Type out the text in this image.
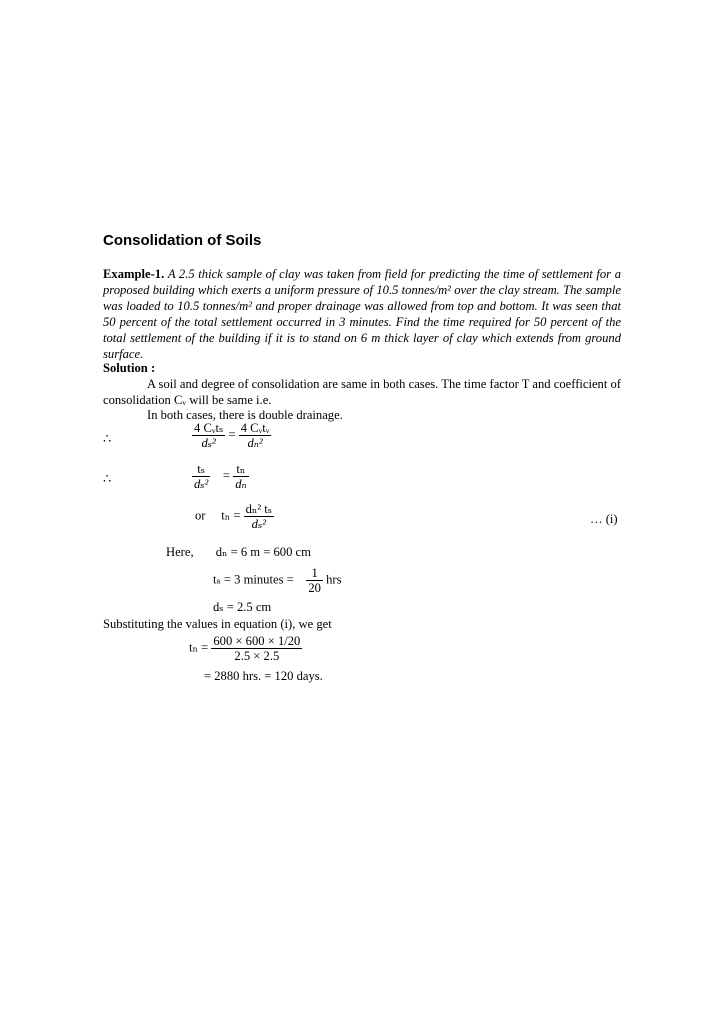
Consolidation of Soils
Example-1. A 2.5 thick sample of clay was taken from field for predicting the time of settlement for a proposed building which exerts a uniform pressure of 10.5 tonnes/m² over the clay stream. The sample was loaded to 10.5 tonnes/m² and proper drainage was allowed from top and bottom. It was seen that 50 percent of the total settlement occurred in 3 minutes. Find the time required for 50 percent of the total settlement of the building if it is to stand on 6 m thick layer of clay which extends from ground surface.
Solution :
A soil and degree of consolidation are same in both cases. The time factor T and coefficient of consolidation Cᵥ will be same i.e.
In both cases, there is double drainage.
∴	$\frac{\text{4 Cᵥtₛ}}{\text{dₛ²}} = \frac{\text{4 Cᵥtᵥ}}{\text{dₙ²}}$
∴	$\frac{\text{tₛ}}{\text{dₛ²}} = \frac{\text{tₙ}}{\text{dₙ}}$
or $t_n = \frac{\text{dₙ² tₛ}}{\text{dₛ²}}$	… (i)
Here, dₙ = 6 m = 600 cm
tₛ = 3 minutes = $\frac{1}{20}$ hrs
dₛ = 2.5 cm
Substituting the values in equation (i), we get
$t_n = \frac{600 \times 600 \times 1/20}{2.5 \times 2.5}$
= 2880 hrs. = 120 days.
